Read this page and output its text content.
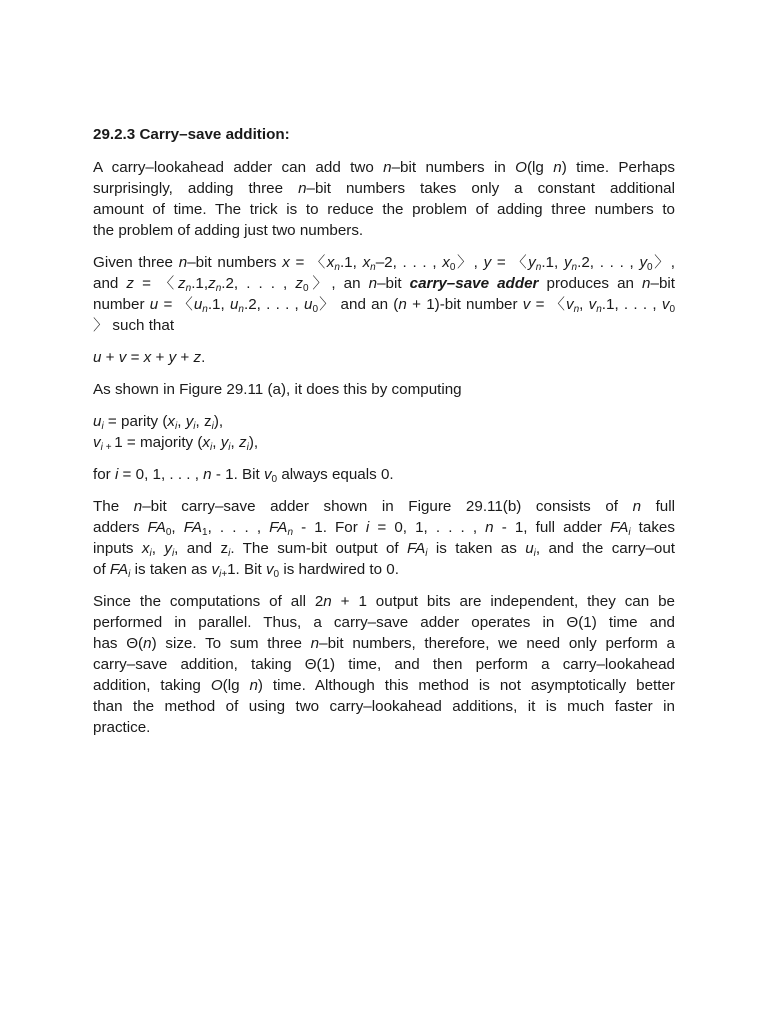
29.2.3 Carry–save addition:
A carry–lookahead adder can add two n–bit numbers in O(lg n) time. Perhaps
surprisingly, adding three n–bit numbers takes only a constant additional
amount of time. The trick is to reduce the problem of adding three numbers to
the problem of adding just two numbers.
Given three n–bit numbers x = 〈$x_n.1$, $x_n-2$, . . . , $x_0$〉, y = 〈$y_n.1$, $y_n.2$, . . . , $y_0$〉,
and z = 〈$z_n.1,z_n.2$, . . . , $z_0$〉, an n–bit carry–save adder produces an n–bit
number u = 〈$u_n.1$, $u_n.2$, . . . , $u_0$〉 and an (n + 1)-bit number v = 〈$v_n$, $v_n.1$, . . . , $v_0$
〉 such that
u + v = x + y + z.
As shown in Figure 29.11 (a), it does this by computing
$u_i$ = parity ($x_i$, $y_i$, $z_i$),
$v_{i +}$ 1 = majority ($x_i$, $y_i$, $z_i$),
for i = 0, 1, . . . , n - 1. Bit $v_0$ always equals 0.
The n–bit carry–save adder shown in Figure 29.11(b) consists of n full
adders $FA_0$, $FA_1$, . . . , $FA_n - 1$. For i = 0, 1, . . . , n - 1, full adder $FA_i$ takes
inputs $x_i$, $y_i$, and $z_i$. The sum-bit output of $FA_i$ is taken as $u_i$, and the carry–out
of $FA_i$ is taken as $v_{i+}1$. Bit $v_0$ is hardwired to 0.
Since the computations of all 2n + 1 output bits are independent, they can be
performed in parallel. Thus, a carry–save adder operates in Θ(1) time and
has Θ(n) size. To sum three n–bit numbers, therefore, we need only perform a
carry–save addition, taking Θ(1) time, and then perform a carry–lookahead
addition, taking O(lg n) time. Although this method is not asymptotically better
than the method of using two carry–lookahead additions, it is much faster in
practice.
